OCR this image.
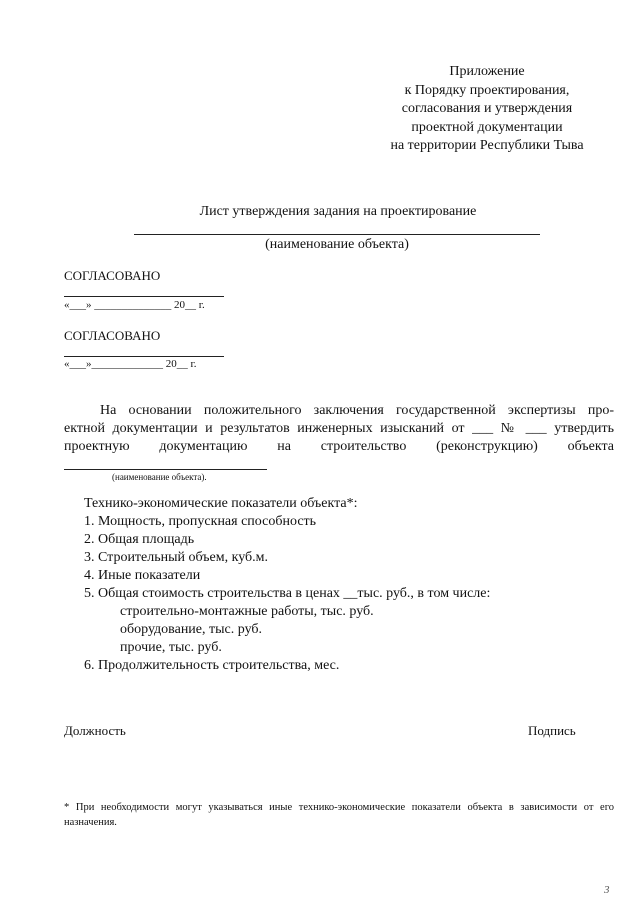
Приложение
к Порядку проектирования,
согласования и утверждения
проектной документации
на территории Республики Тыва
Лист утверждения задания на проектирование
(наименование объекта)
СОГЛАСОВАНО
«___» ______________ 20__ г.
СОГЛАСОВАНО
«___»_____________ 20__ г.
На основании положительного заключения государственной экспертизы про-
ектной документации и результатов инженерных изысканий от ___ № ___ утвердить
проектную документацию на строительство (реконструкцию) объекта
(наименование объекта).
Технико-экономические показатели объекта*:
1. Мощность, пропускная способность
2. Общая площадь
3. Строительный объем, куб.м.
4. Иные показатели
5. Общая стоимость строительства в ценах __тыс. руб., в том числе:
строительно-монтажные работы, тыс. руб.
оборудование, тыс. руб.
прочие, тыс. руб.
6. Продолжительность строительства, мес.
Должность	Подпись
* При необходимости могут указываться иные технико-экономические показатели объекта в зависимости от его назначения.
3
